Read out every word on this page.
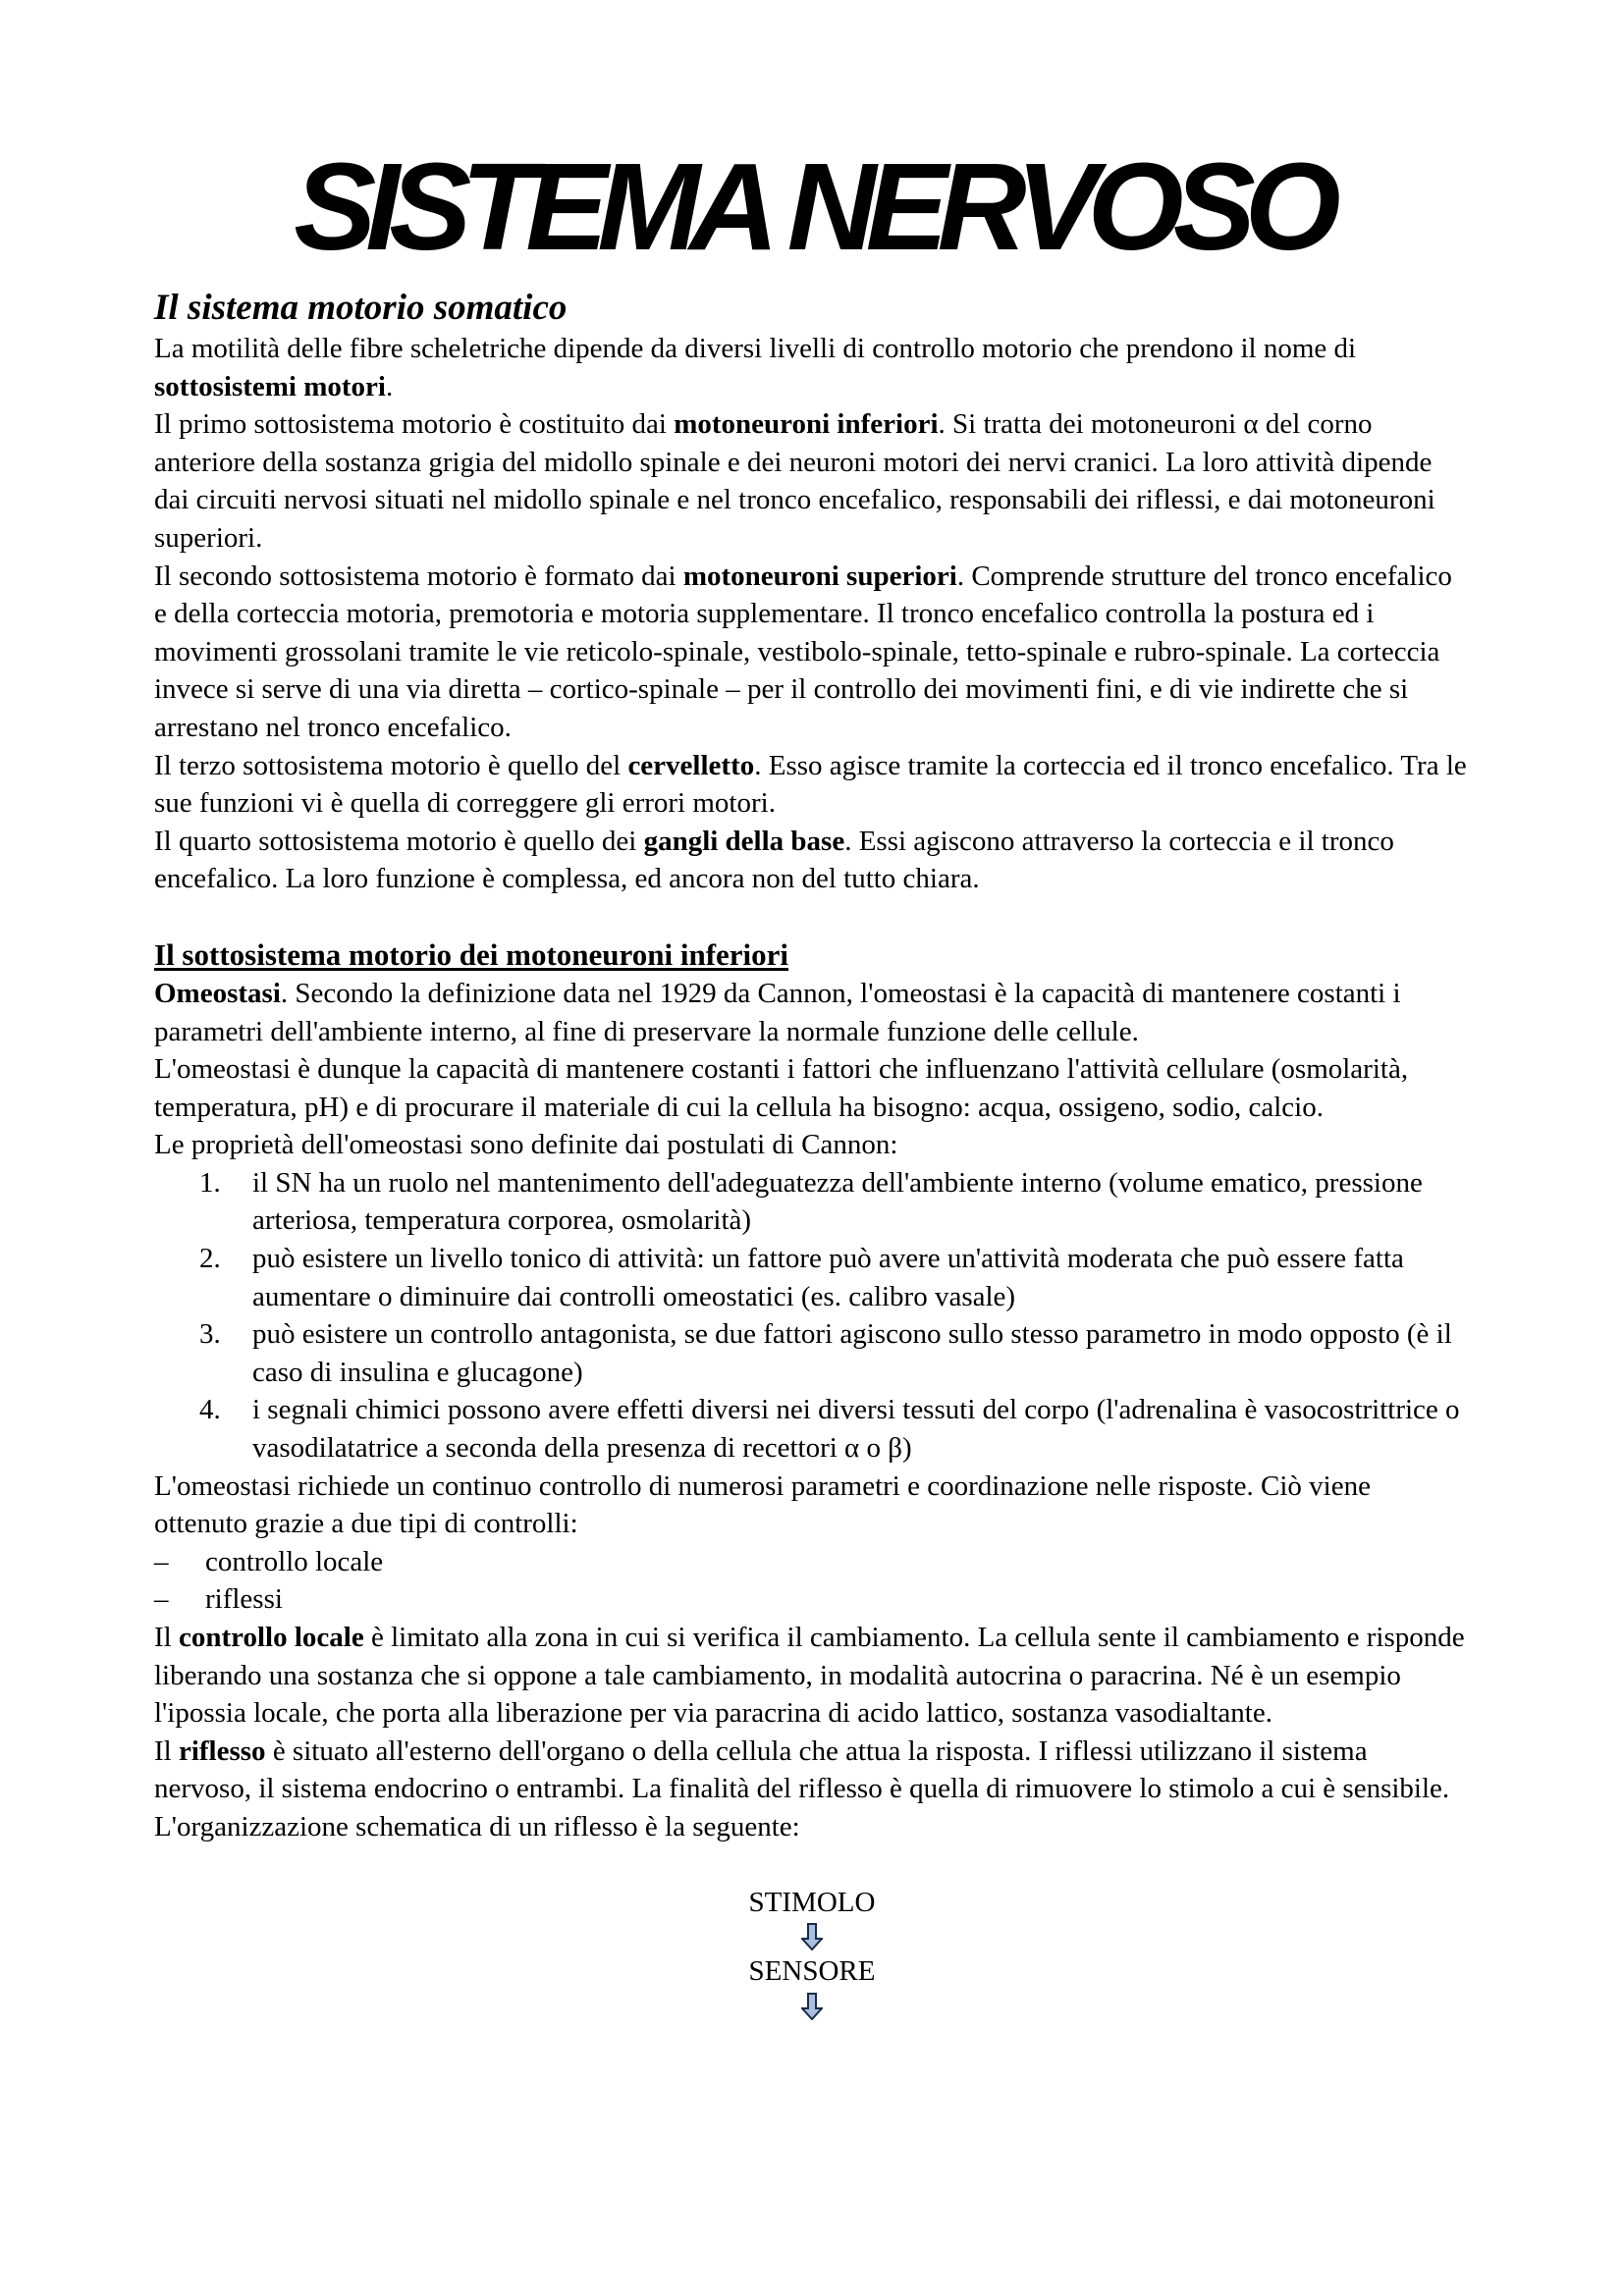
SISTEMA NERVOSO
Il sistema motorio somatico

La motilità delle fibre scheletriche dipende da diversi livelli di controllo motorio che prendono il nome di sottosistemi motori.

Il primo sottosistema motorio è costituito dai motoneuroni inferiori. Si tratta dei motoneuroni α del corno anteriore della sostanza grigia del midollo spinale e dei neuroni motori dei nervi cranici. La loro attività dipende dai circuiti nervosi situati nel midollo spinale e nel tronco encefalico, responsabili dei riflessi, e dai motoneuroni superiori.

Il secondo sottosistema motorio è formato dai motoneuroni superiori. Comprende strutture del tronco encefalico e della corteccia motoria, premotoria e motoria supplementare. Il tronco encefalico controlla la postura ed i movimenti grossolani tramite le vie reticolo-spinale, vestibolo-spinale, tetto-spinale e rubro-spinale. La corteccia invece si serve di una via diretta – cortico-spinale – per il controllo dei movimenti fini, e di vie indirette che si arrestano nel tronco encefalico.

Il terzo sottosistema motorio è quello del cervelletto. Esso agisce tramite la corteccia ed il tronco encefalico. Tra le sue funzioni vi è quella di correggere gli errori motori.

Il quarto sottosistema motorio è quello dei gangli della base. Essi agiscono attraverso la corteccia e il tronco encefalico. La loro funzione è complessa, ed ancora non del tutto chiara.

Il sottosistema motorio dei motoneuroni inferiori

Omeostasi. Secondo la definizione data nel 1929 da Cannon, l'omeostasi è la capacità di mantenere costanti i parametri dell'ambiente interno, al fine di preservare la normale funzione delle cellule.

L'omeostasi è dunque la capacità di mantenere costanti i fattori che influenzano l'attività cellulare (osmolarità, temperatura, pH) e di procurare il materiale di cui la cellula ha bisogno: acqua, ossigeno, sodio, calcio.

Le proprietà dell'omeostasi sono definite dai postulati di Cannon:

il SN ha un ruolo nel mantenimento dell'adeguatezza dell'ambiente interno (volume ematico, pressione arteriosa, temperatura corporea, osmolarità)
può esistere un livello tonico di attività: un fattore può avere un'attività moderata che può essere fatta aumentare o diminuire dai controlli omeostatici (es. calibro vasale)
può esistere un controllo antagonista, se due fattori agiscono sullo stesso parametro in modo opposto (è il caso di insulina e glucagone)
i segnali chimici possono avere effetti diversi nei diversi tessuti del corpo (l'adrenalina è vasocostrittrice o vasodilatatrice a seconda della presenza di recettori α o β)

L'omeostasi richiede un continuo controllo di numerosi parametri e coordinazione nelle risposte. Ciò viene ottenuto grazie a due tipi di controlli:

– controllo locale
– riflessi

Il controllo locale è limitato alla zona in cui si verifica il cambiamento. La cellula sente il cambiamento e risponde liberando una sostanza che si oppone a tale cambiamento, in modalità autocrina o paracrina. Né è un esempio l'ipossia locale, che porta alla liberazione per via paracrina di acido lattico, sostanza vasodialtante.

Il riflesso è situato all'esterno dell'organo o della cellula che attua la risposta. I riflessi utilizzano il sistema nervoso, il sistema endocrino o entrambi. La finalità del riflesso è quella di rimuovere lo stimolo a cui è sensibile. L'organizzazione schematica di un riflesso è la seguente:

STIMOLO
SENSORE
